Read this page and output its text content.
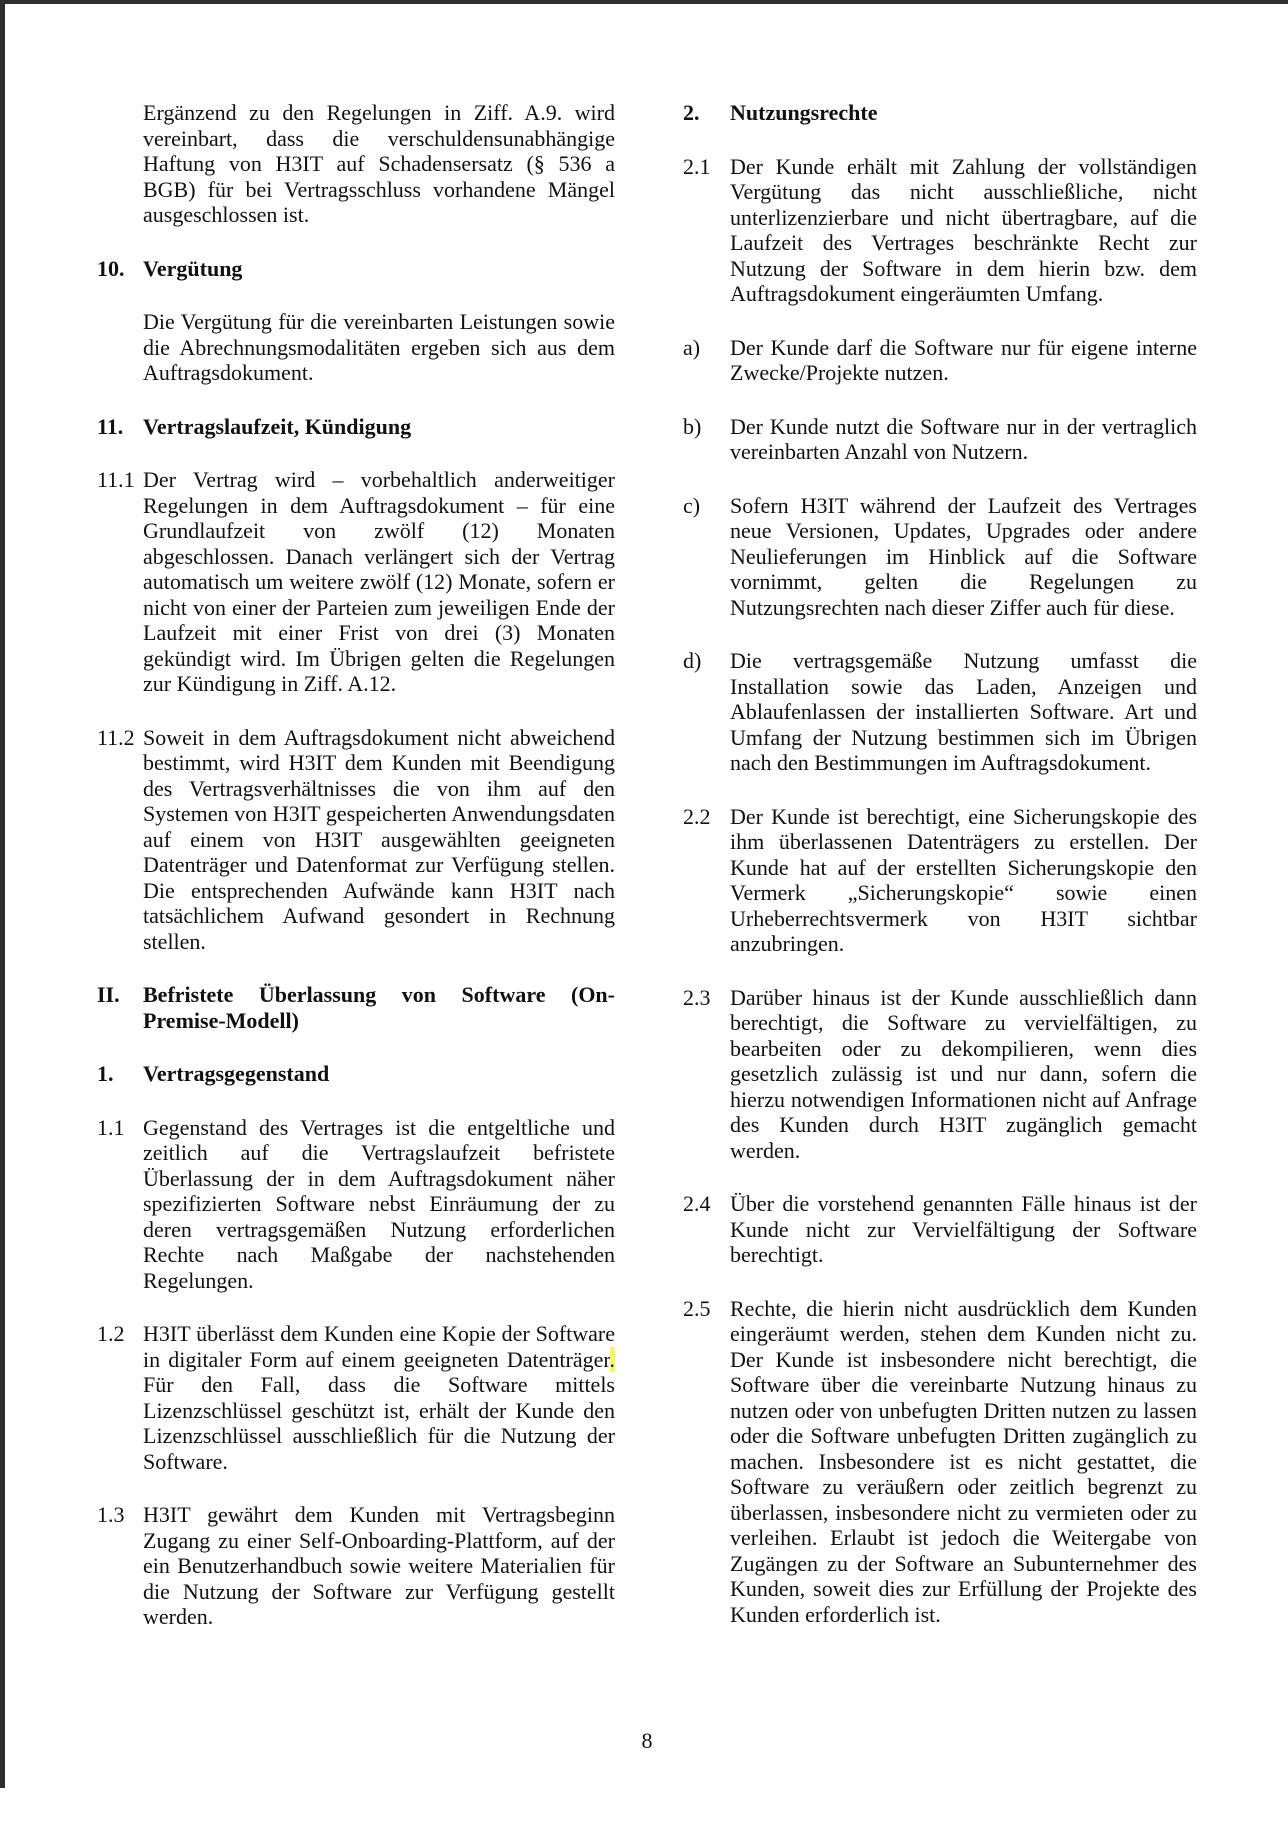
Ergänzend zu den Regelungen in Ziff. A.9. wird vereinbart, dass die verschuldensunabhängige Haftung von H3IT auf Schadensersatz (§ 536 a BGB) für bei Vertragsschluss vorhandene Mängel ausgeschlossen ist.
10. Vergütung
Die Vergütung für die vereinbarten Leistungen sowie die Abrechnungsmodalitäten ergeben sich aus dem Auftragsdokument.
11. Vertragslaufzeit, Kündigung
11.1 Der Vertrag wird – vorbehaltlich anderweitiger Regelungen in dem Auftragsdokument – für eine Grundlaufzeit von zwölf (12) Monaten abgeschlossen. Danach verlängert sich der Vertrag automatisch um weitere zwölf (12) Monate, sofern er nicht von einer der Parteien zum jeweiligen Ende der Laufzeit mit einer Frist von drei (3) Monaten gekündigt wird. Im Übrigen gelten die Regelungen zur Kündigung in Ziff. A.12.
11.2 Soweit in dem Auftragsdokument nicht abweichend bestimmt, wird H3IT dem Kunden mit Beendigung des Vertragsverhältnisses die von ihm auf den Systemen von H3IT gespeicherten Anwendungsdaten auf einem von H3IT ausgewählten geeigneten Datenträger und Datenformat zur Verfügung stellen. Die entsprechenden Aufwände kann H3IT nach tatsächlichem Aufwand gesondert in Rechnung stellen.
II. Befristete Überlassung von Software (On-Premise-Modell)
1. Vertragsgegenstand
1.1 Gegenstand des Vertrages ist die entgeltliche und zeitlich auf die Vertragslaufzeit befristete Überlassung der in dem Auftragsdokument näher spezifizierten Software nebst Einräumung der zu deren vertragsgemäßen Nutzung erforderlichen Rechte nach Maßgabe der nachstehenden Regelungen.
1.2 H3IT überlässt dem Kunden eine Kopie der Software in digitaler Form auf einem geeigneten Datenträger. Für den Fall, dass die Software mittels Lizenzschlüssel geschützt ist, erhält der Kunde den Lizenzschlüssel ausschließlich für die Nutzung der Software.
1.3 H3IT gewährt dem Kunden mit Vertragsbeginn Zugang zu einer Self-Onboarding-Plattform, auf der ein Benutzerhandbuch sowie weitere Materialien für die Nutzung der Software zur Verfügung gestellt werden.
2. Nutzungsrechte
2.1 Der Kunde erhält mit Zahlung der vollständigen Vergütung das nicht ausschließliche, nicht unterlizenzierbare und nicht übertragbare, auf die Laufzeit des Vertrages beschränkte Recht zur Nutzung der Software in dem hierin bzw. dem Auftragsdokument eingeräumten Umfang.
a) Der Kunde darf die Software nur für eigene interne Zwecke/Projekte nutzen.
b) Der Kunde nutzt die Software nur in der vertraglich vereinbarten Anzahl von Nutzern.
c) Sofern H3IT während der Laufzeit des Vertrages neue Versionen, Updates, Upgrades oder andere Neulieferungen im Hinblick auf die Software vornimmt, gelten die Regelungen zu Nutzungsrechten nach dieser Ziffer auch für diese.
d) Die vertragsgemäße Nutzung umfasst die Installation sowie das Laden, Anzeigen und Ablaufenlassen der installierten Software. Art und Umfang der Nutzung bestimmen sich im Übrigen nach den Bestimmungen im Auftragsdokument.
2.2 Der Kunde ist berechtigt, eine Sicherungskopie des ihm überlassenen Datenträgers zu erstellen. Der Kunde hat auf der erstellten Sicherungskopie den Vermerk „Sicherungskopie“ sowie einen Urheberrechtsvermerk von H3IT sichtbar anzubringen.
2.3 Darüber hinaus ist der Kunde ausschließlich dann berechtigt, die Software zu vervielfältigen, zu bearbeiten oder zu dekompilieren, wenn dies gesetzlich zulässig ist und nur dann, sofern die hierzu notwendigen Informationen nicht auf Anfrage des Kunden durch H3IT zugänglich gemacht werden.
2.4 Über die vorstehend genannten Fälle hinaus ist der Kunde nicht zur Vervielfältigung der Software berechtigt.
2.5 Rechte, die hierin nicht ausdrücklich dem Kunden eingeräumt werden, stehen dem Kunden nicht zu. Der Kunde ist insbesondere nicht berechtigt, die Software über die vereinbarte Nutzung hinaus zu nutzen oder von unbefugten Dritten nutzen zu lassen oder die Software unbefugten Dritten zugänglich zu machen. Insbesondere ist es nicht gestattet, die Software zu veräußern oder zeitlich begrenzt zu überlassen, insbesondere nicht zu vermieten oder zu verleihen. Erlaubt ist jedoch die Weitergabe von Zugängen zu der Software an Subunternehmer des Kunden, soweit dies zur Erfüllung der Projekte des Kunden erforderlich ist.
8
